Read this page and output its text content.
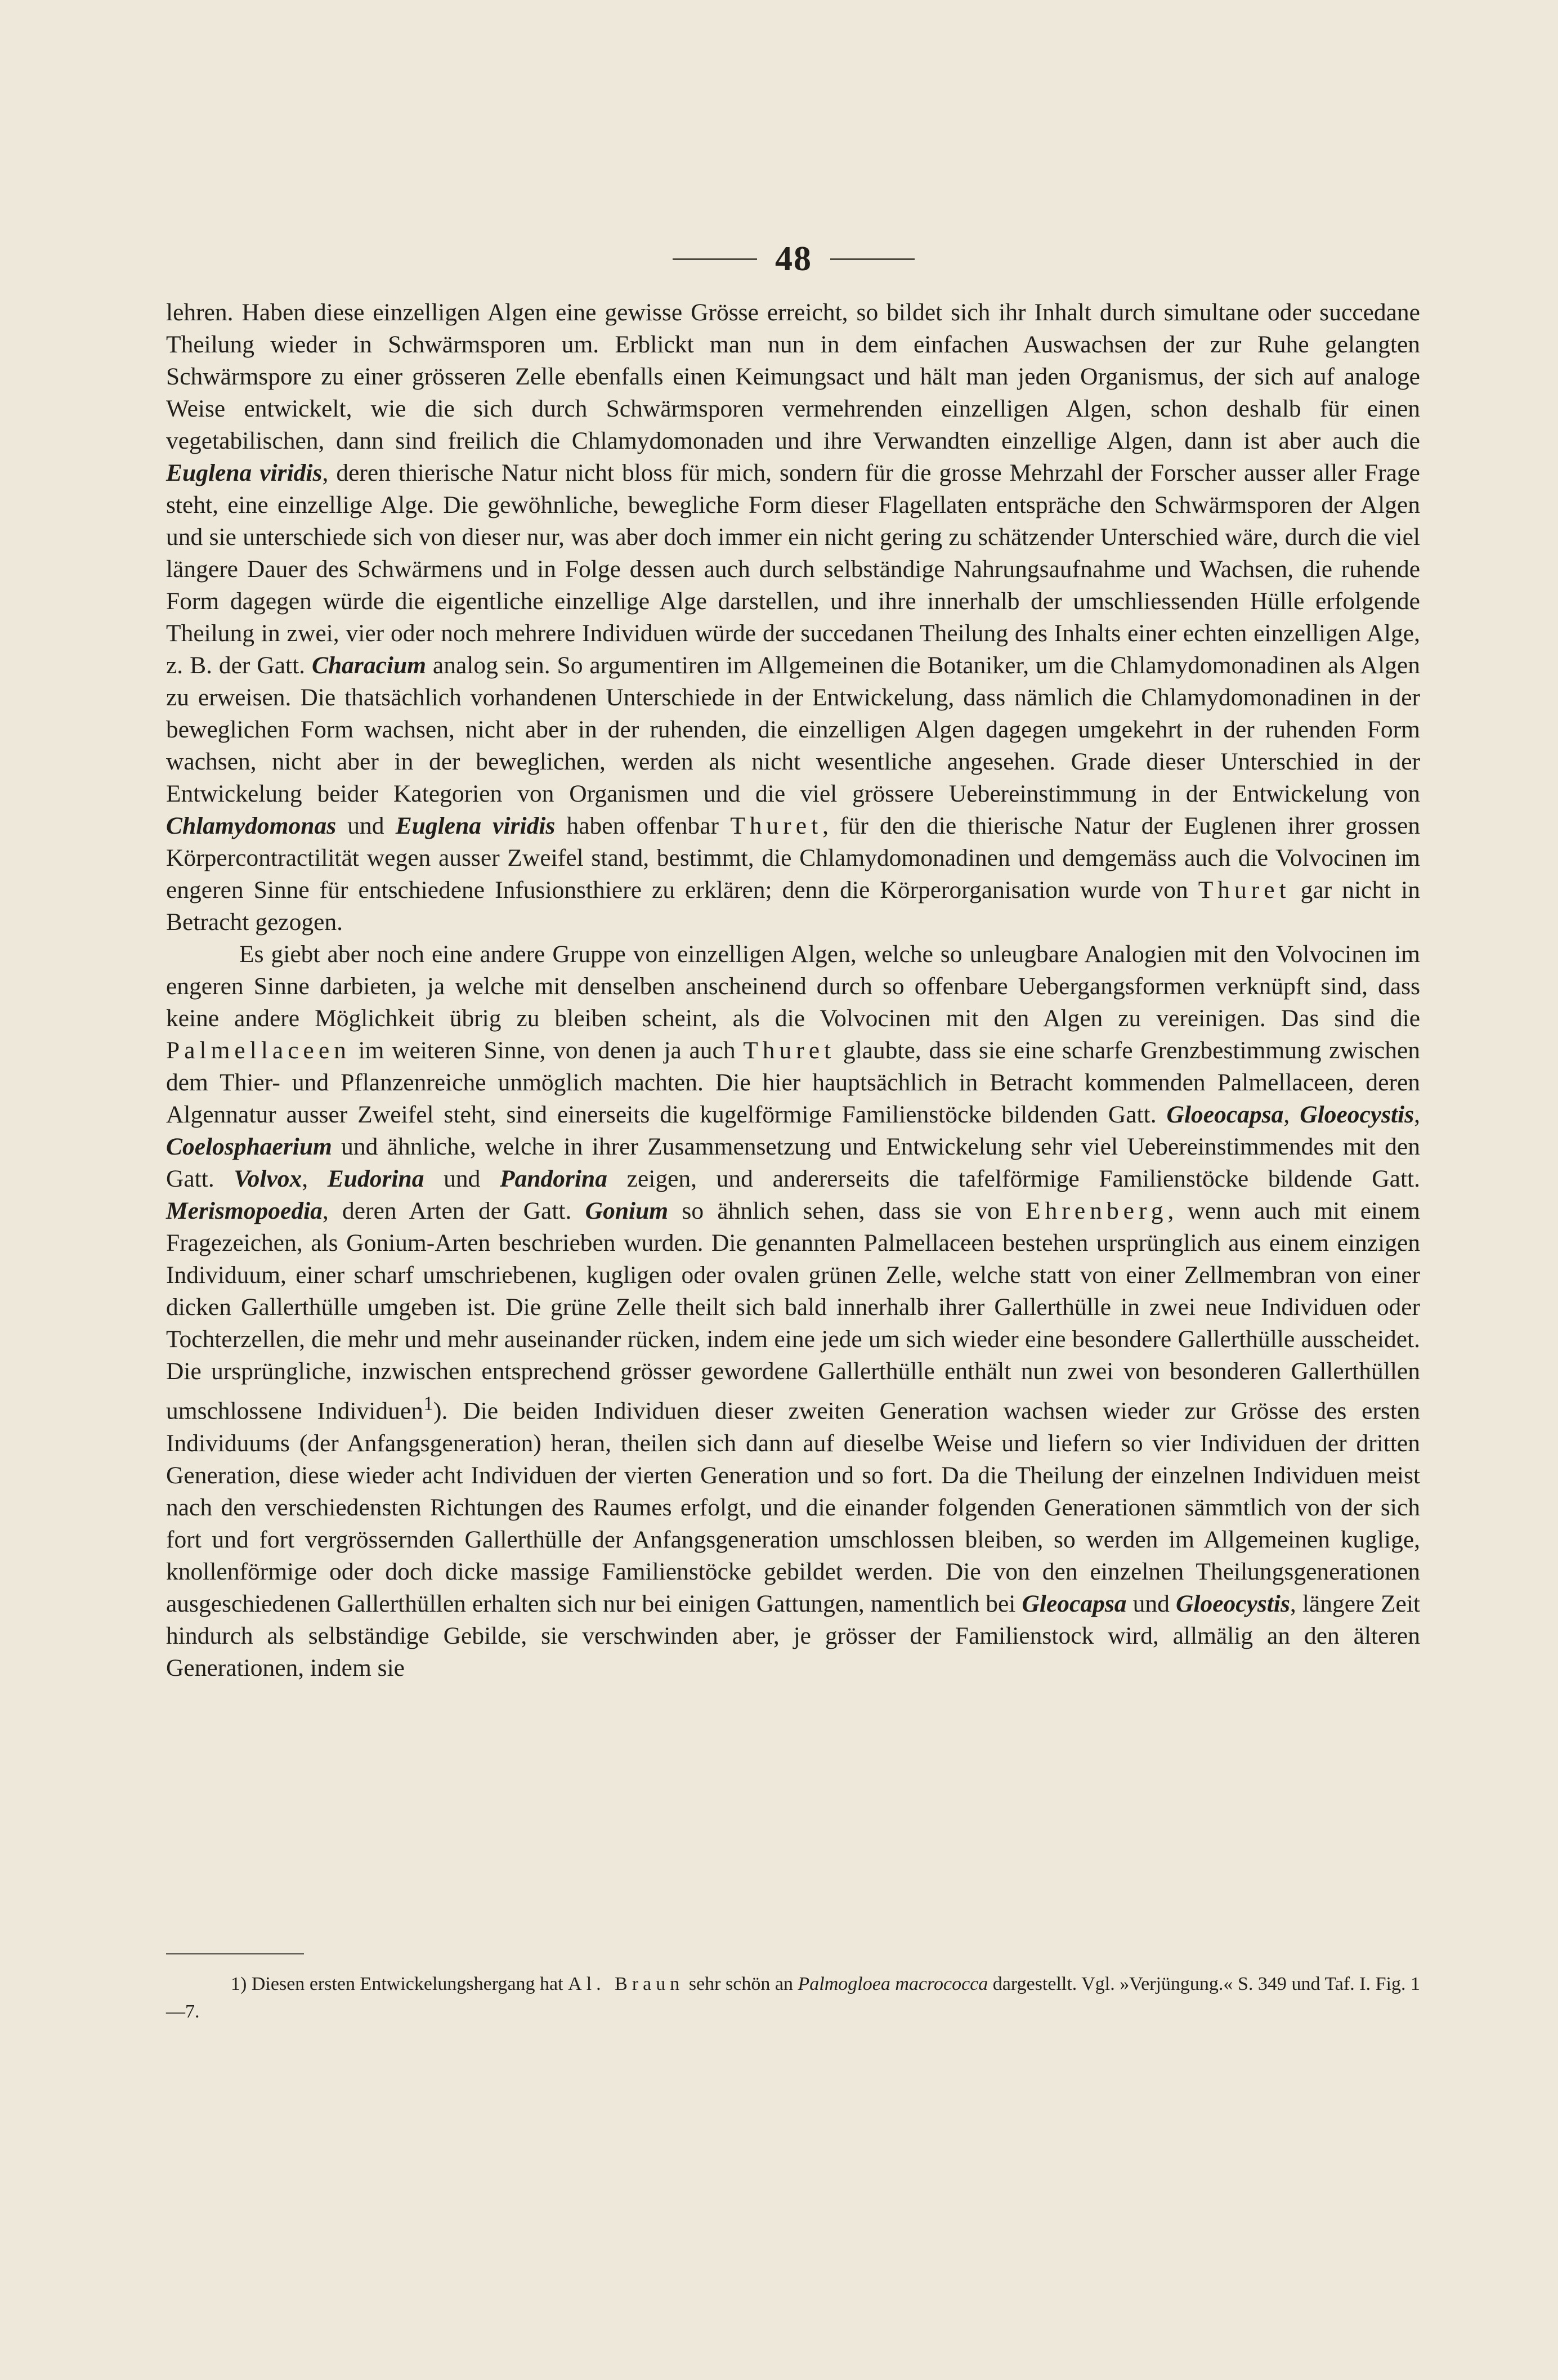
48

lehren. Haben diese einzelligen Algen eine gewisse Grösse erreicht, so bildet sich ihr Inhalt durch simultane oder succedane Theilung wieder in Schwärmsporen um. Erblickt man nun in dem einfachen Auswachsen der zur Ruhe gelangten Schwärmspore zu einer grösseren Zelle ebenfalls einen Keimungsact und hält man jeden Organismus, der sich auf analoge Weise entwickelt, wie die sich durch Schwärmsporen vermehrenden einzelligen Algen, schon deshalb für einen vegetabilischen, dann sind freilich die Chlamydomonaden und ihre Verwandten einzellige Algen, dann ist aber auch die Euglena viridis, deren thierische Natur nicht bloss für mich, sondern für die grosse Mehrzahl der Forscher ausser aller Frage steht, eine einzellige Alge. Die gewöhnliche, bewegliche Form dieser Flagellaten entspräche den Schwärmsporen der Algen und sie unterschiede sich von dieser nur, was aber doch immer ein nicht gering zu schätzender Unterschied wäre, durch die viel längere Dauer des Schwärmens und in Folge dessen auch durch selbständige Nahrungsaufnahme und Wachsen, die ruhende Form dagegen würde die eigentliche einzellige Alge darstellen, und ihre innerhalb der umschliessenden Hülle erfolgende Theilung in zwei, vier oder noch mehrere Individuen würde der succedanen Theilung des Inhalts einer echten einzelligen Alge, z. B. der Gatt. Characium analog sein. So argumentiren im Allgemeinen die Botaniker, um die Chlamydomonadinen als Algen zu erweisen. Die thatsächlich vorhandenen Unterschiede in der Entwickelung, dass nämlich die Chlamydomonadinen in der beweglichen Form wachsen, nicht aber in der ruhenden, die einzelligen Algen dagegen umgekehrt in der ruhenden Form wachsen, nicht aber in der beweglichen, werden als nicht wesentliche angesehen. Grade dieser Unterschied in der Entwickelung beider Kategorien von Organismen und die viel grössere Uebereinstimmung in der Entwickelung von Chlamydomonas und Euglena viridis haben offenbar Thuret, für den die thierische Natur der Euglenen ihrer grossen Körpercontractilität wegen ausser Zweifel stand, bestimmt, die Chlamydomonadinen und demgemäss auch die Volvocinen im engeren Sinne für entschiedene Infusionsthiere zu erklären; denn die Körperorganisation wurde von Thuret gar nicht in Betracht gezogen.

Es giebt aber noch eine andere Gruppe von einzelligen Algen, welche so unleugbare Analogien mit den Volvocinen im engeren Sinne darbieten, ja welche mit denselben anscheinend durch so offenbare Uebergangsformen verknüpft sind, dass keine andere Möglichkeit übrig zu bleiben scheint, als die Volvocinen mit den Algen zu vereinigen. Das sind die Palmellaceen im weiteren Sinne, von denen ja auch Thuret glaubte, dass sie eine scharfe Grenzbestimmung zwischen dem Thier- und Pflanzenreiche unmöglich machten. Die hier hauptsächlich in Betracht kommenden Palmellaceen, deren Algennatur ausser Zweifel steht, sind einerseits die kugelförmige Familienstöcke bildenden Gatt. Gloeocapsa, Gloeocystis, Coelosphaerium und ähnliche, welche in ihrer Zusammensetzung und Entwickelung sehr viel Uebereinstimmendes mit den Gatt. Volvox, Eudorina und Pandorina zeigen, und andererseits die tafelförmige Familienstöcke bildende Gatt. Merismopoedia, deren Arten der Gatt. Gonium so ähnlich sehen, dass sie von Ehrenberg, wenn auch mit einem Fragezeichen, als Gonium-Arten beschrieben wurden. Die genannten Palmellaceen bestehen ursprünglich aus einem einzigen Individuum, einer scharf umschriebenen, kugligen oder ovalen grünen Zelle, welche statt von einer Zellmembran von einer dicken Gallerthülle umgeben ist. Die grüne Zelle theilt sich bald innerhalb ihrer Gallerthülle in zwei neue Individuen oder Tochterzellen, die mehr und mehr auseinander rücken, indem eine jede um sich wieder eine besondere Gallerthülle ausscheidet. Die ursprüngliche, inzwischen entsprechend grösser gewordene Gallerthülle enthält nun zwei von besonderen Gallerthüllen umschlossene Individuen$^1$). Die beiden Individuen dieser zweiten Generation wachsen wieder zur Grösse des ersten Individuums (der Anfangsgeneration) heran, theilen sich dann auf dieselbe Weise und liefern so vier Individuen der dritten Generation, diese wieder acht Individuen der vierten Generation und so fort. Da die Theilung der einzelnen Individuen meist nach den verschiedensten Richtungen des Raumes erfolgt, und die einander folgenden Generationen sämmtlich von der sich fort und fort vergrössernden Gallerthülle der Anfangsgeneration umschlossen bleiben, so werden im Allgemeinen kuglige, knollenförmige oder doch dicke massige Familienstöcke gebildet werden. Die von den einzelnen Theilungsgenerationen ausgeschiedenen Gallerthüllen erhalten sich nur bei einigen Gattungen, namentlich bei Gleocapsa und Gloeocystis, längere Zeit hindurch als selbständige Gebilde, sie verschwinden aber, je grösser der Familienstock wird, allmälig an den älteren Generationen, indem sie

1) Diesen ersten Entwickelungshergang hat Al. Braun sehr schön an Palmogloea macrococca dargestellt. Vgl. »Verjüngung.« S. 349 und Taf. I. Fig. 1—7.
